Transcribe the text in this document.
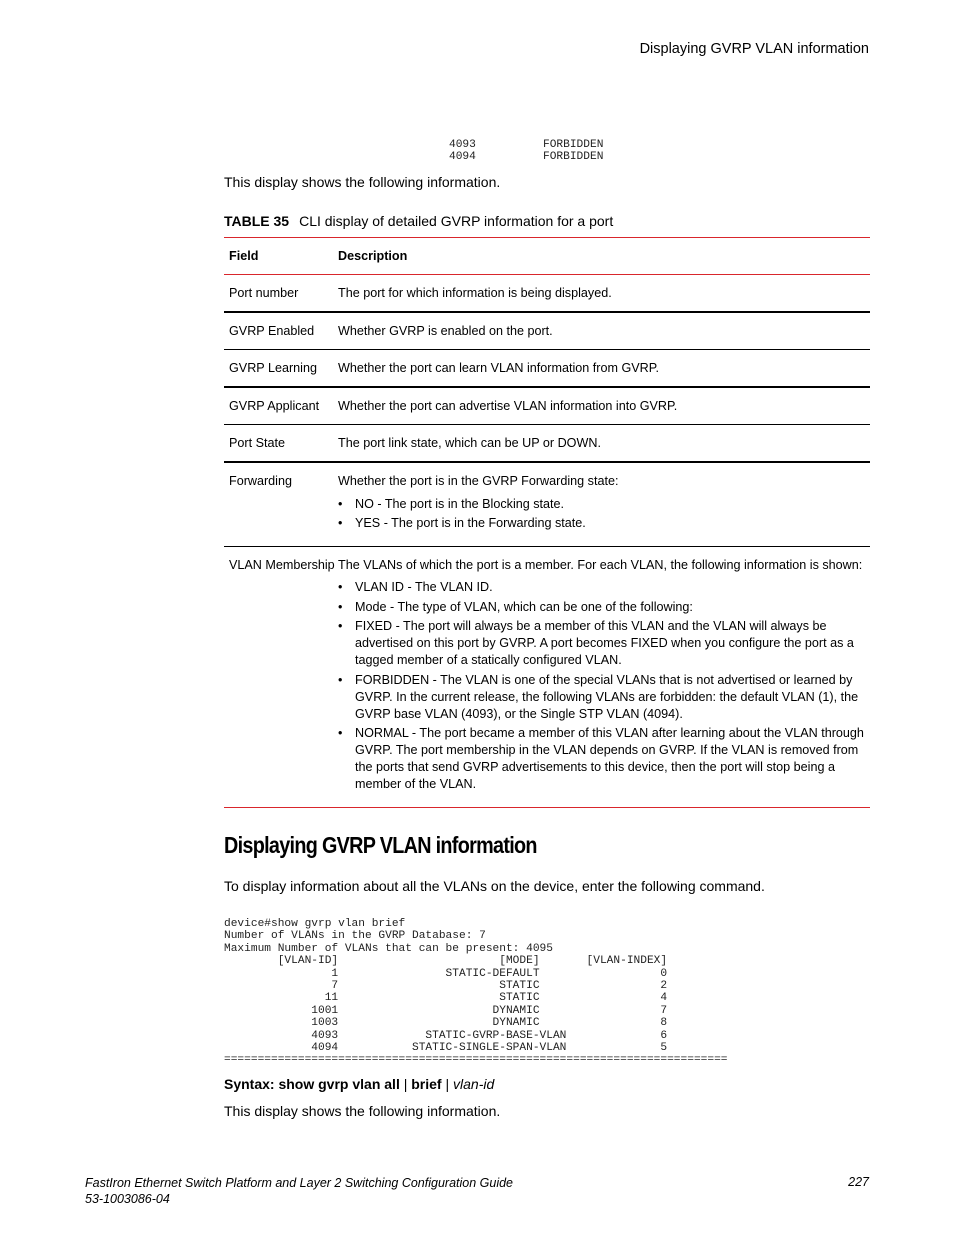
Displaying GVRP VLAN information
4093          FORBIDDEN
4094          FORBIDDEN
This display shows the following information.
TABLE 35 CLI display of detailed GVRP information for a port
Field	Description
Port number	The port for which information is being displayed.
GVRP Enabled	Whether GVRP is enabled on the port.
GVRP Learning	Whether the port can learn VLAN information from GVRP.
GVRP Applicant	Whether the port can advertise VLAN information into GVRP.
Port State	The port link state, which can be UP or DOWN.
Forwarding	Whether the port is in the GVRP Forwarding state:
• NO - The port is in the Blocking state.
• YES - The port is in the Forwarding state.
VLAN Membership The VLANs of which the port is a member. For each VLAN, the following information is shown:
• VLAN ID - The VLAN ID.
• Mode - The type of VLAN, which can be one of the following:
• FIXED - The port will always be a member of this VLAN and the VLAN will always be advertised on this port by GVRP. A port becomes FIXED when you configure the port as a tagged member of a statically configured VLAN.
• FORBIDDEN - The VLAN is one of the special VLANs that is not advertised or learned by GVRP. In the current release, the following VLANs are forbidden: the default VLAN (1), the GVRP base VLAN (4093), or the Single STP VLAN (4094).
• NORMAL - The port became a member of this VLAN after learning about the VLAN through GVRP. The port membership in the VLAN depends on GVRP. If the VLAN is removed from the ports that send GVRP advertisements to this device, then the port will stop being a member of the VLAN.
Displaying GVRP VLAN information
To display information about all the VLANs on the device, enter the following command.
device#show gvrp vlan brief
Number of VLANs in the GVRP Database: 7
Maximum Number of VLANs that can be present: 4095
[VLAN-ID]                        [MODE]       [VLAN-INDEX]
1                STATIC-DEFAULT                  0
7                        STATIC                  2
11                        STATIC                  4
1001                       DYNAMIC                  7
1003                       DYNAMIC                  8
4093             STATIC-GVRP-BASE-VLAN              6
4094           STATIC-SINGLE-SPAN-VLAN              5
===========================================================================
Syntax: show gvrp vlan all | brief | vlan-id
This display shows the following information.
FastIron Ethernet Switch Platform and Layer 2 Switching Configuration Guide
53-1003086-04
227
